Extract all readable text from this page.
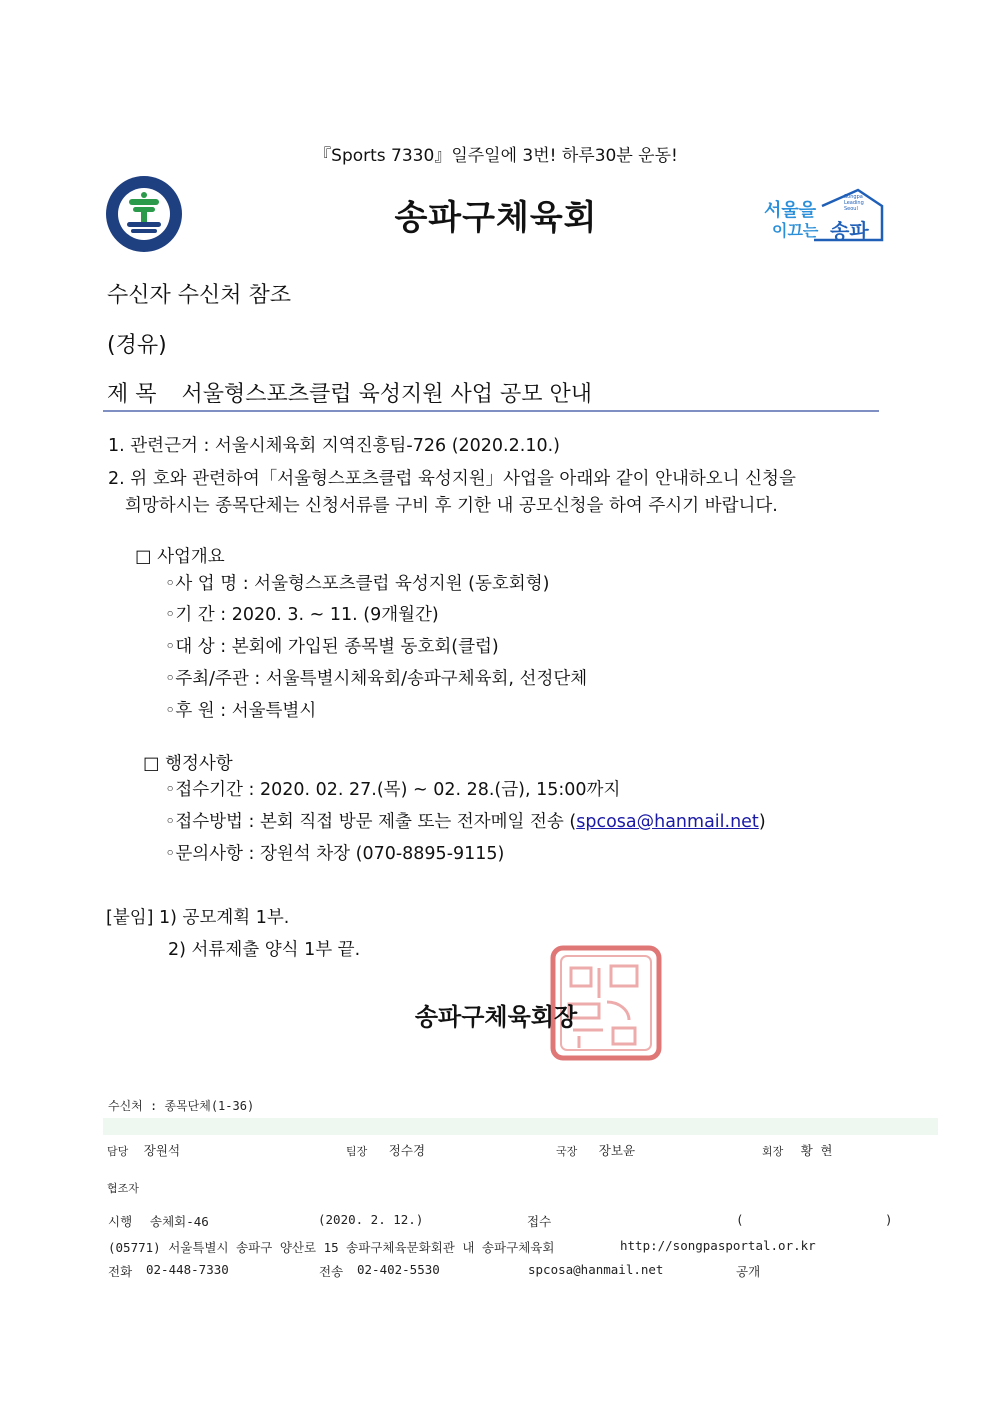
『Sports 7330』일주일에 3번! 하루30분 운동!
송파구체육회
Songpa Leading Seoul
서울을
이끄는 송파
수신자 수신처 참조
(경유)
제 목 서울형스포츠클럽 육성지원 사업 공모 안내
1. 관련근거 : 서울시체육회 지역진흥팀-726 (2020.2.10.)
2. 위 호와 관련하여「서울형스포츠클럽 육성지원」사업을 아래와 같이 안내하오니 신청을
희망하시는 종목단체는 신청서류를 구비 후 기한 내 공모신청을 하여 주시기 바랍니다.
□ 사업개요
◦사 업 명 : 서울형스포츠클럽 육성지원 (동호회형)
◦기 간 : 2020. 3. ~ 11. (9개월간)
◦대 상 : 본회에 가입된 종목별 동호회(클럽)
◦주최/주관 : 서울특별시체육회/송파구체육회, 선정단체
◦후 원 : 서울특별시
□ 행정사항
◦접수기간 : 2020. 02. 27.(목) ~ 02. 28.(금), 15:00까지
◦접수방법 : 본회 직접 방문 제출 또는 전자메일 전송 (spcosa@hanmail.net)
◦문의사항 : 장원석 차장 (070-8895-9115)
[붙임] 1) 공모계획 1부.
2) 서류제출 양식 1부 끝.
송파구체육회장
수신처 : 종목단체(1-36)
담당 장원석	팀장 정수경	국장 장보윤	회장 황 현
협조자
시행 송체회-46	(2020. 2. 12.)	접수	(	)
(05771) 서울특별시 송파구 양산로 15 송파구체육문화회관 내 송파구체육회	http://songpasportal.or.kr
전화 02-448-7330	전송 02-402-5530	spcosa@hanmail.net	공개
